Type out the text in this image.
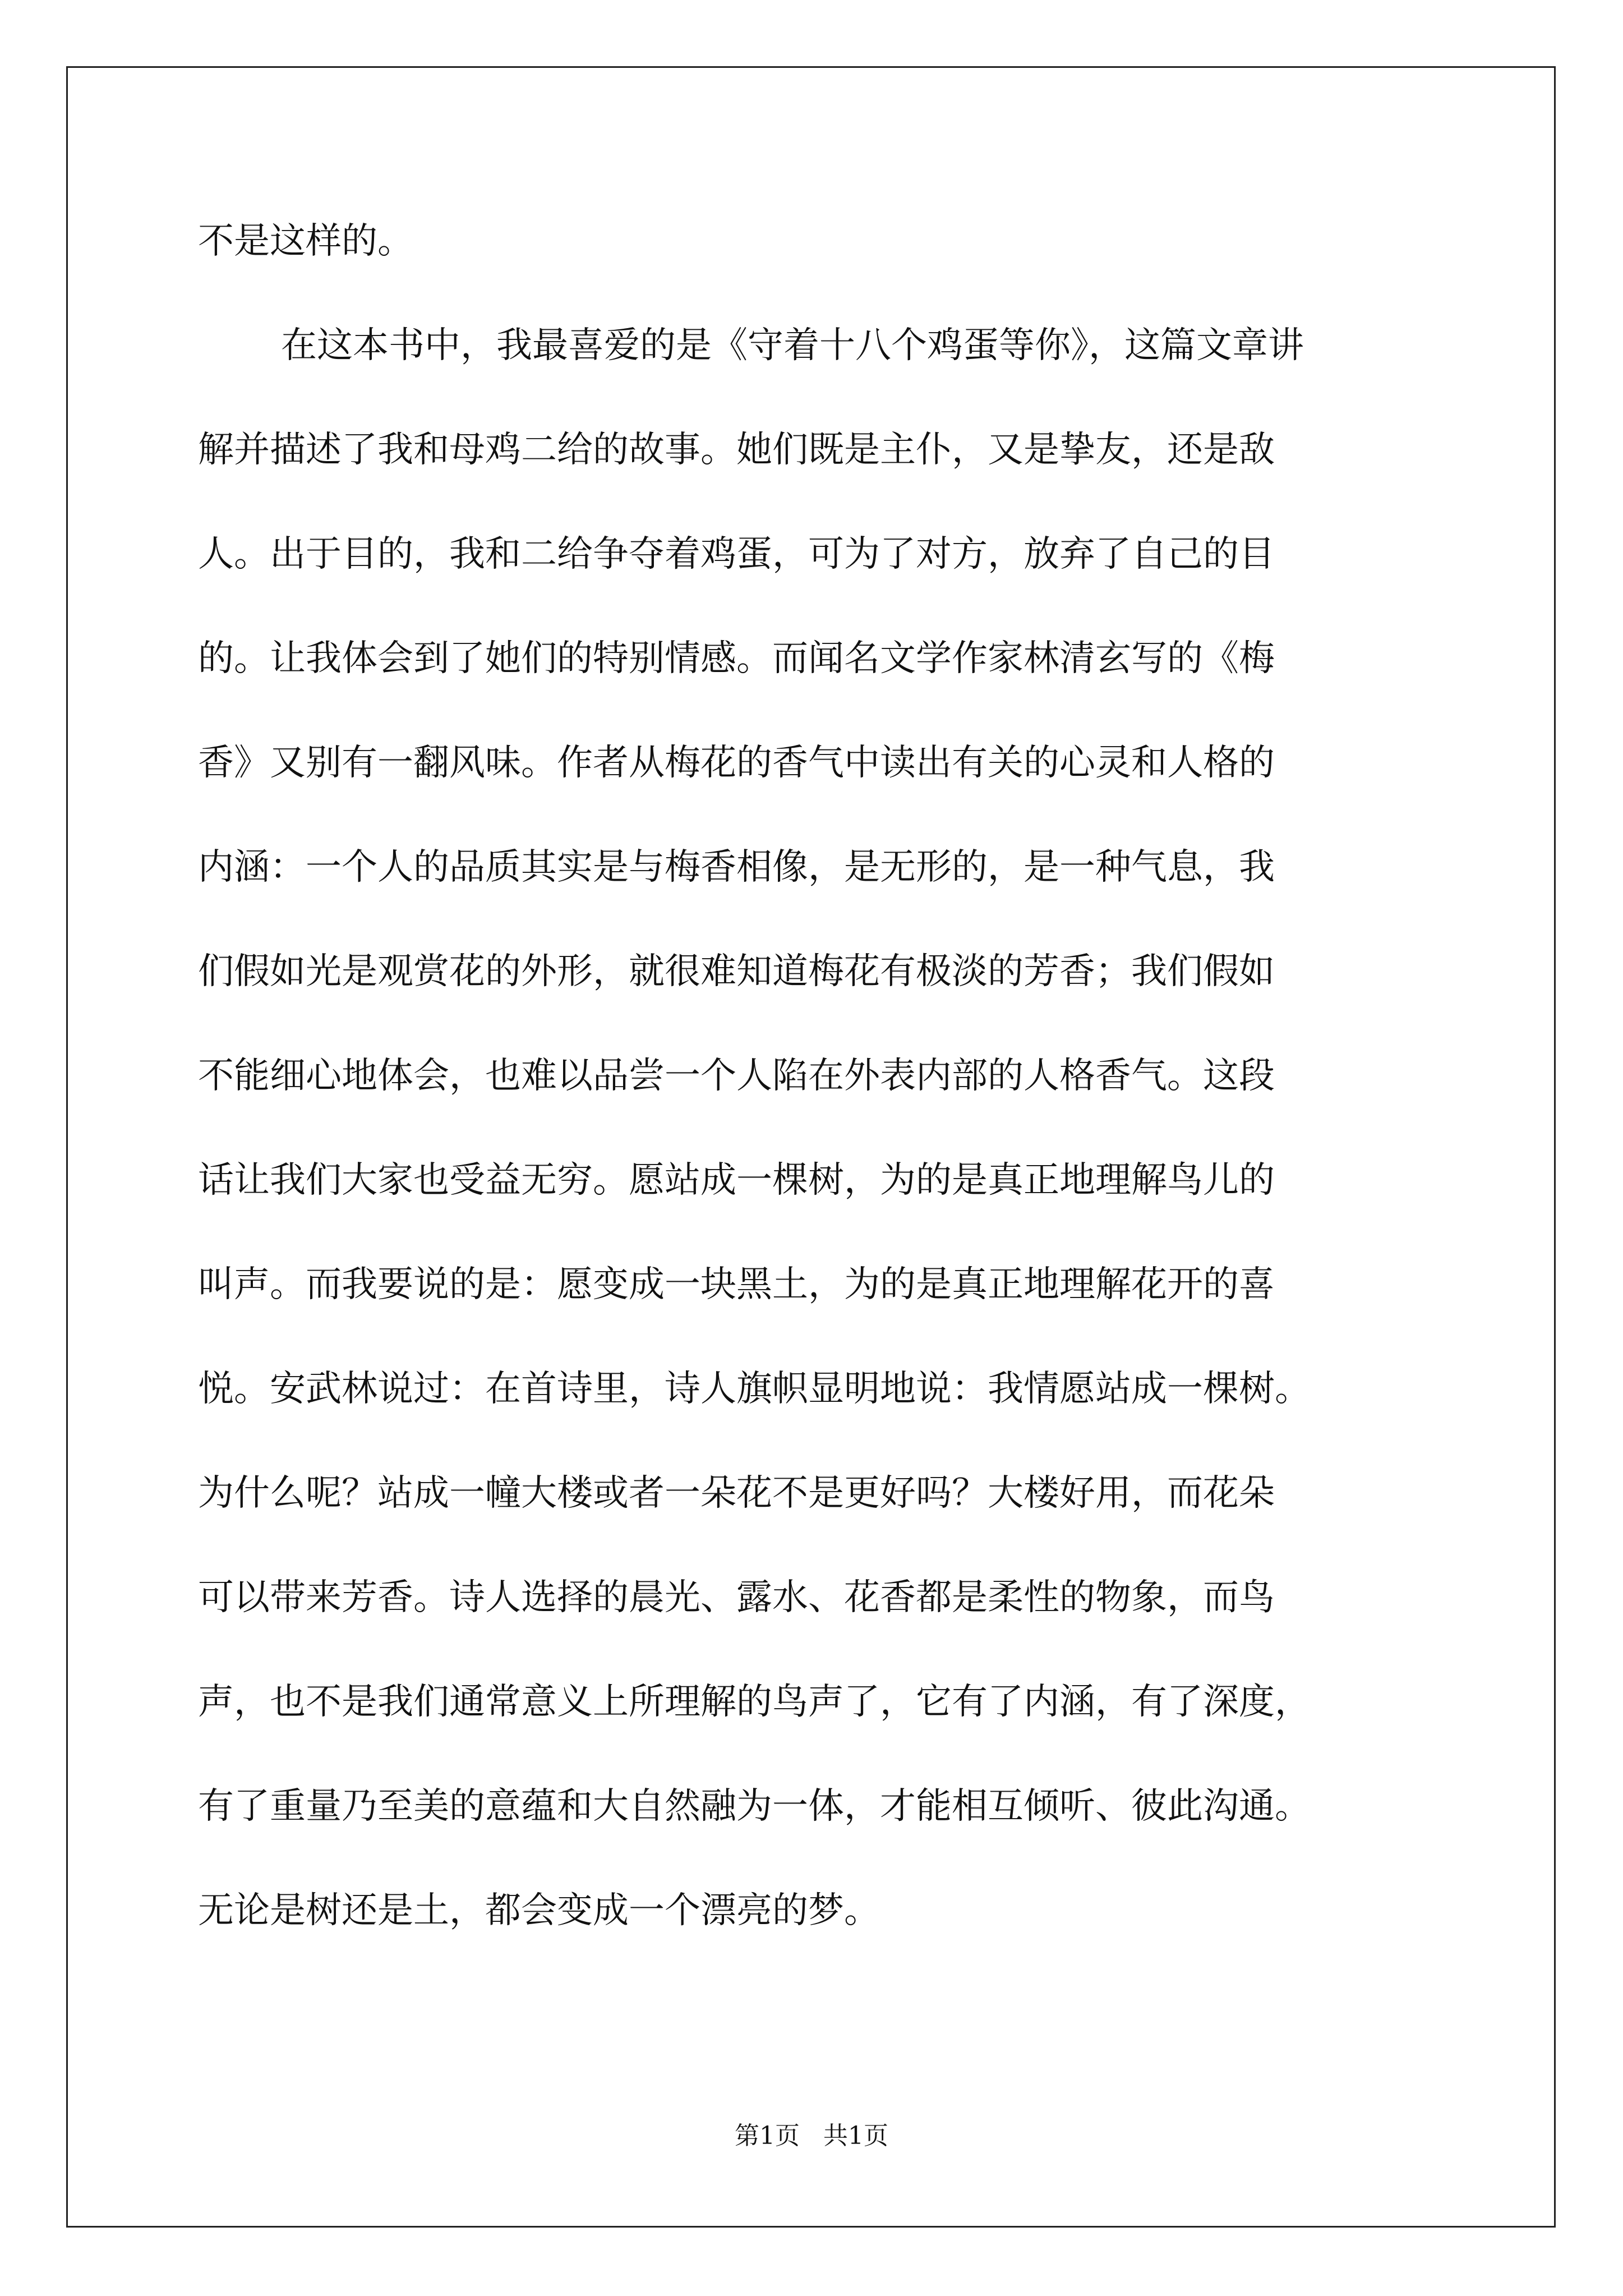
不是这样的。
在这本书中，我最喜爱的是《守着十八个鸡蛋等你》，这篇文章讲
解并描述了我和母鸡二给的故事。她们既是主仆，又是挚友，还是敌
人。出于目的，我和二给争夺着鸡蛋，可为了对方，放弃了自己的目
的。让我体会到了她们的特别情感。而闻名文学作家林清玄写的《梅
香》又别有一翻风味。作者从梅花的香气中读出有关的心灵和人格的
内涵：一个人的品质其实是与梅香相像，是无形的，是一种气息，我
们假如光是观赏花的外形，就很难知道梅花有极淡的芳香；我们假如
不能细心地体会，也难以品尝一个人陷在外表内部的人格香气。这段
话让我们大家也受益无穷。愿站成一棵树，为的是真正地理解鸟儿的
叫声。而我要说的是：愿变成一块黑土，为的是真正地理解花开的喜
悦。安武林说过：在首诗里，诗人旗帜显明地说：我情愿站成一棵树。
为什么呢？站成一幢大楼或者一朵花不是更好吗？大楼好用，而花朵
可以带来芳香。诗人选择的晨光、露水、花香都是柔性的物象，而鸟
声，也不是我们通常意义上所理解的鸟声了，它有了内涵，有了深度，
有了重量乃至美的意蕴和大自然融为一体，才能相互倾听、彼此沟通。
无论是树还是土，都会变成一个漂亮的梦。
第1页   共1页
